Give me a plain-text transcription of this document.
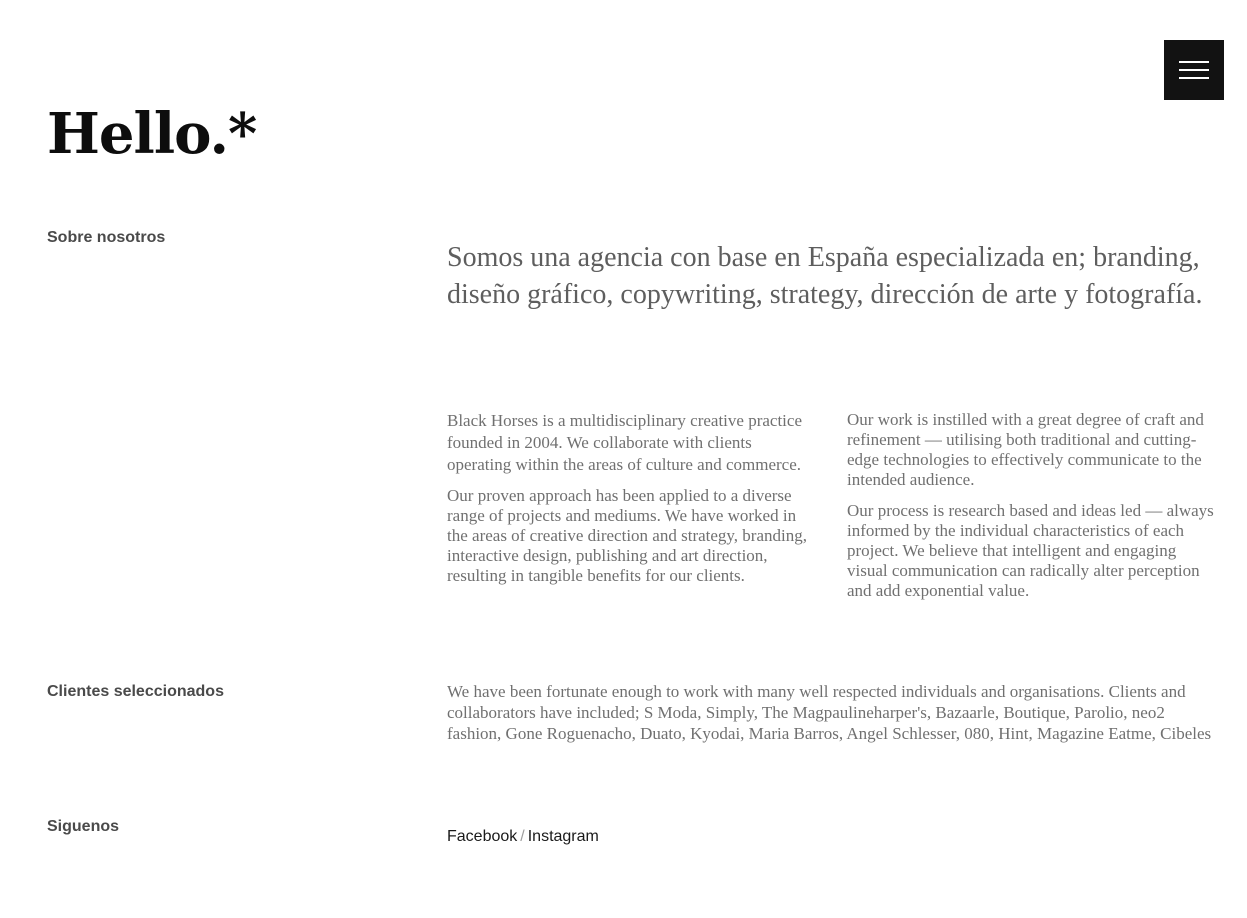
Hello.*
Sobre nosotros

Somos una agencia con base en España especializada en; branding, diseño gráfico, copywriting, strategy, dirección de arte y fotografía.

Black Horses is a multidisciplinary creative practice founded in 2004. We collaborate with clients operating within the areas of culture and commerce.

Our proven approach has been applied to a diverse range of projects and mediums. We have worked in the areas of creative direction and strategy, branding, interactive design, publishing and art direction, resulting in tangible benefits for our clients.

Our work is instilled with a great degree of craft and refinement — utilising both traditional and cutting-edge technologies to effectively communicate to the intended audience.

Our process is research based and ideas led — always informed by the individual characteristics of each project. We believe that intelligent and engaging visual communication can radically alter perception and add exponential value.

Clientes seleccionados	We have been fortunate enough to work with many well respected individuals and organisations. Clients and collaborators have included; S Moda, Simply, The Magpaulineharper's, Bazaarle, Boutique, Parolio, neo2 fashion, Gone Roguenacho, Duato, Kyodai, Maria Barros, Angel Schlesser, 080, Hint, Magazine Eatme, Cibeles

Siguenos

Facebook / Instagram
